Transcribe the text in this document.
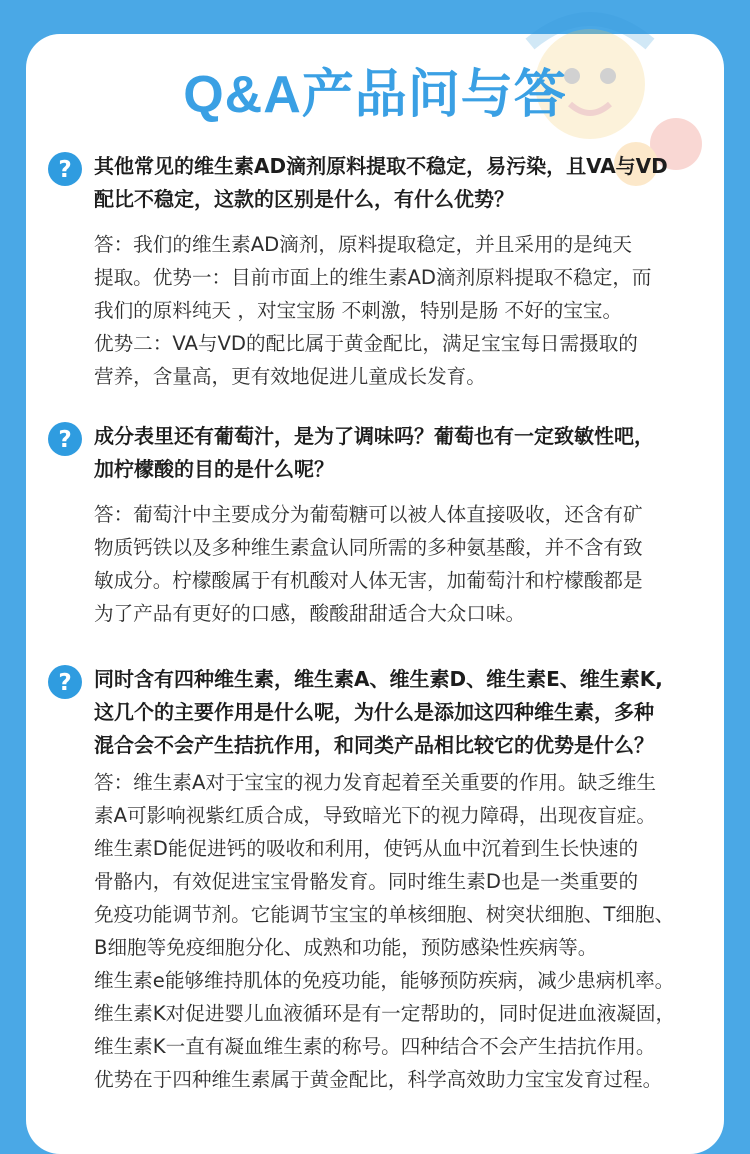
Q&A产品问与答
? 其他常见的维生素AD滴剂原料提取不稳定，易污染，且VA与VD
配比不稳定，这款的区别是什么，有什么优势？
答：我们的维生素AD滴剂，原料提取稳定，并且采用的是纯天
提取。优势一：目前市面上的维生素AD滴剂原料提取不稳定，而
我们的原料纯天 ，对宝宝肠 不刺激，特别是肠 不好的宝宝。
优势二：VA与VD的配比属于黄金配比，满足宝宝每日需摄取的
营养，含量高，更有效地促进儿童成长发育。
? 成分表里还有葡萄汁，是为了调味吗？葡萄也有一定致敏性吧，
加柠檬酸的目的是什么呢？
答：葡萄汁中主要成分为葡萄糖可以被人体直接吸收，还含有矿
物质钙铁以及多种维生素盒认同所需的多种氨基酸，并不含有致
敏成分。柠檬酸属于有机酸对人体无害，加葡萄汁和柠檬酸都是
为了产品有更好的口感，酸酸甜甜适合大众口味。
? 同时含有四种维生素，维生素A、维生素D、维生素E、维生素K,
这几个的主要作用是什么呢，为什么是添加这四种维生素，多种
混合会不会产生拮抗作用，和同类产品相比较它的优势是什么？
答：维生素A对于宝宝的视力发育起着至关重要的作用。缺乏维生
素A可影响视紫红质合成，导致暗光下的视力障碍，出现夜盲症。
维生素D能促进钙的吸收和利用，使钙从血中沉着到生长快速的
骨骼内，有效促进宝宝骨骼发育。同时维生素D也是一类重要的
免疫功能调节剂。它能调节宝宝的单核细胞、树突状细胞、T细胞、
B细胞等免疫细胞分化、成熟和功能，预防感染性疾病等。
维生素e能够维持肌体的免疫功能，能够预防疾病，减少患病机率。
维生素K对促进婴儿血液循环是有一定帮助的，同时促进血液凝固，
维生素K一直有凝血维生素的称号。四种结合不会产生拮抗作用。
优势在于四种维生素属于黄金配比，科学高效助力宝宝发育过程。
